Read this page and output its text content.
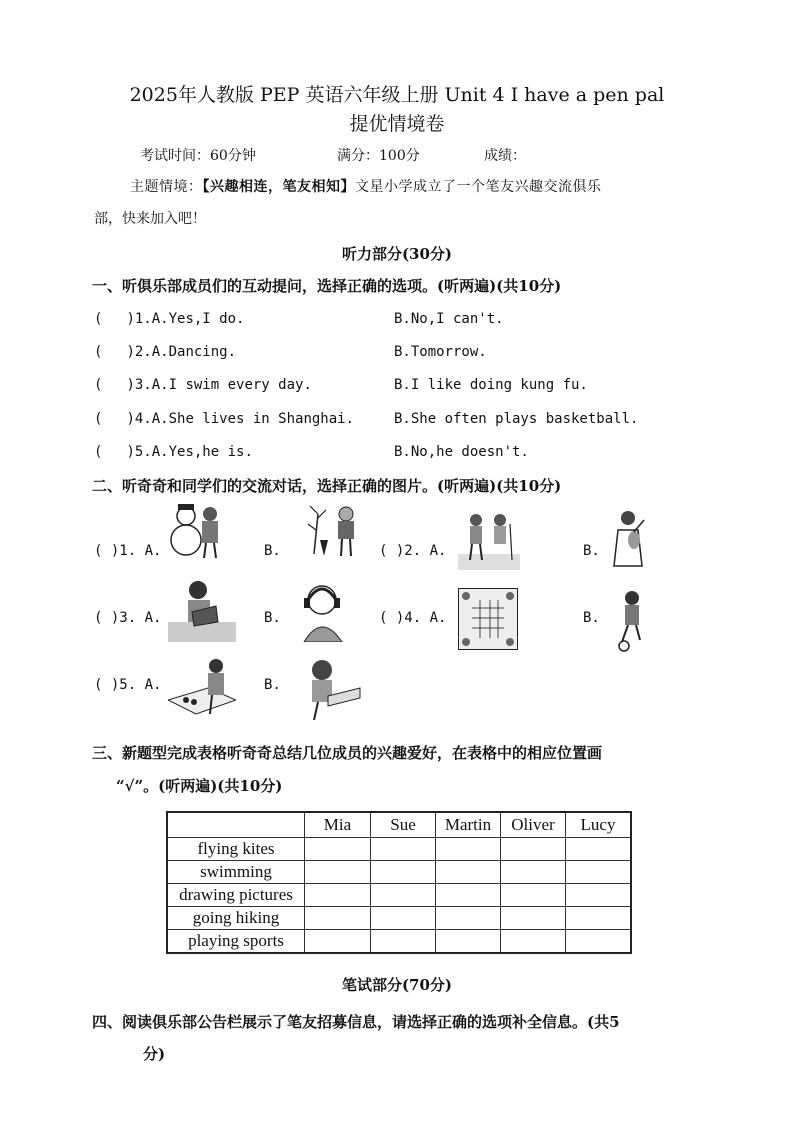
2025年人教版 PEP 英语六年级上册 Unit 4 I have a pen pal
提优情境卷
考试时间：60分钟	满分：100分	成绩：
主题情境：【兴趣相连，笔友相知】文星小学成立了一个笔友兴趣交流俱乐
部，快来加入吧！
听力部分(30分)
一、听俱乐部成员们的互动提问，选择正确的选项。(听两遍)(共10分)
( )1.A.Yes,I do.	B.No,I can't.
( )2.A.Dancing.	B.Tomorrow.
( )3.A.I swim every day.	B.I like doing kung fu.
( )4.A.She lives in Shanghai.	B.She often plays basketball.
( )5.A.Yes,he is.	B.No,he doesn't.
二、听奇奇和同学们的交流对话，选择正确的图片。(听两遍)(共10分)
( )1. A.	B.	( )2. A.	B.
( )3. A.	B.	( )4. A.	B.
( )5. A.	B.
三、新题型完成表格听奇奇总结几位成员的兴趣爱好，在表格中的相应位置画
“√”。(听两遍)(共10分)
	Mia	Sue	Martin	Oliver	Lucy
flying kites					
swimming					
drawing pictures					
going hiking					
playing sports					
笔试部分(70分)
四、阅读俱乐部公告栏展示了笔友招募信息，请选择正确的选项补全信息。(共5
分)
